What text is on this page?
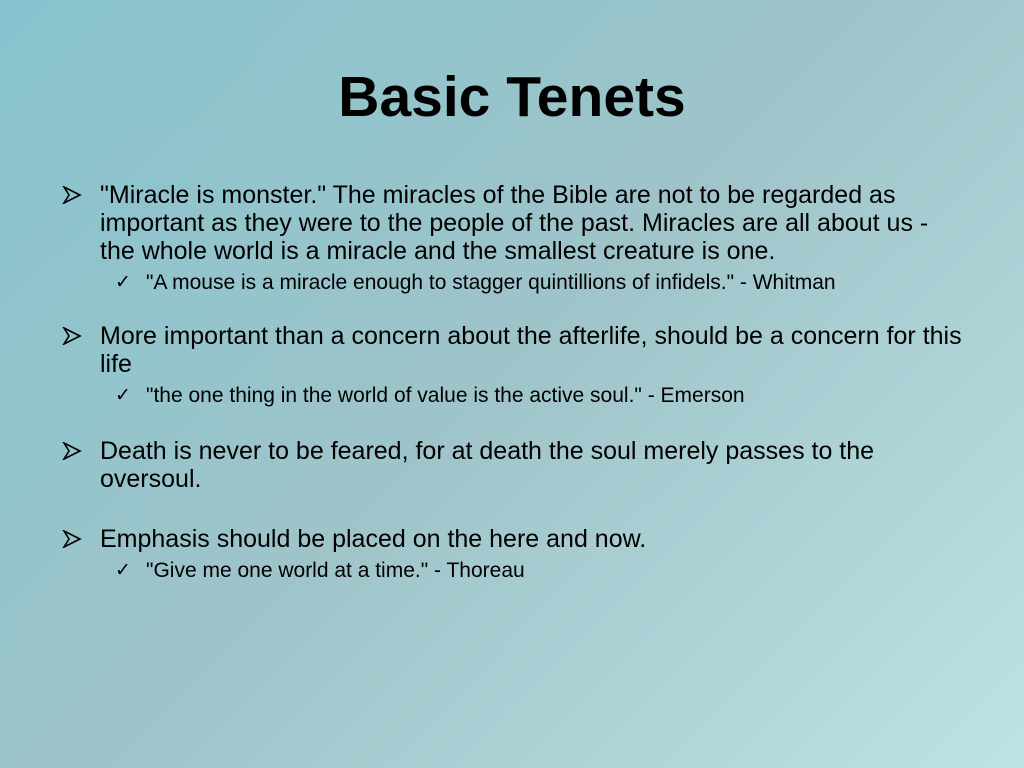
Basic Tenets
"Miracle is monster." The miracles of the Bible are not to be regarded as important as they were to the people of the past. Miracles are all about us - the whole world is a miracle and the smallest creature is one.
✓ "A mouse is a miracle enough to stagger quintillions of infidels." - Whitman
More important than a concern about the afterlife, should be a concern for this life
✓ "the one thing in the world of value is the active soul." - Emerson
Death is never to be feared, for at death the soul merely passes to the oversoul.
Emphasis should be placed on the here and now.
✓ "Give me one world at a time." - Thoreau
